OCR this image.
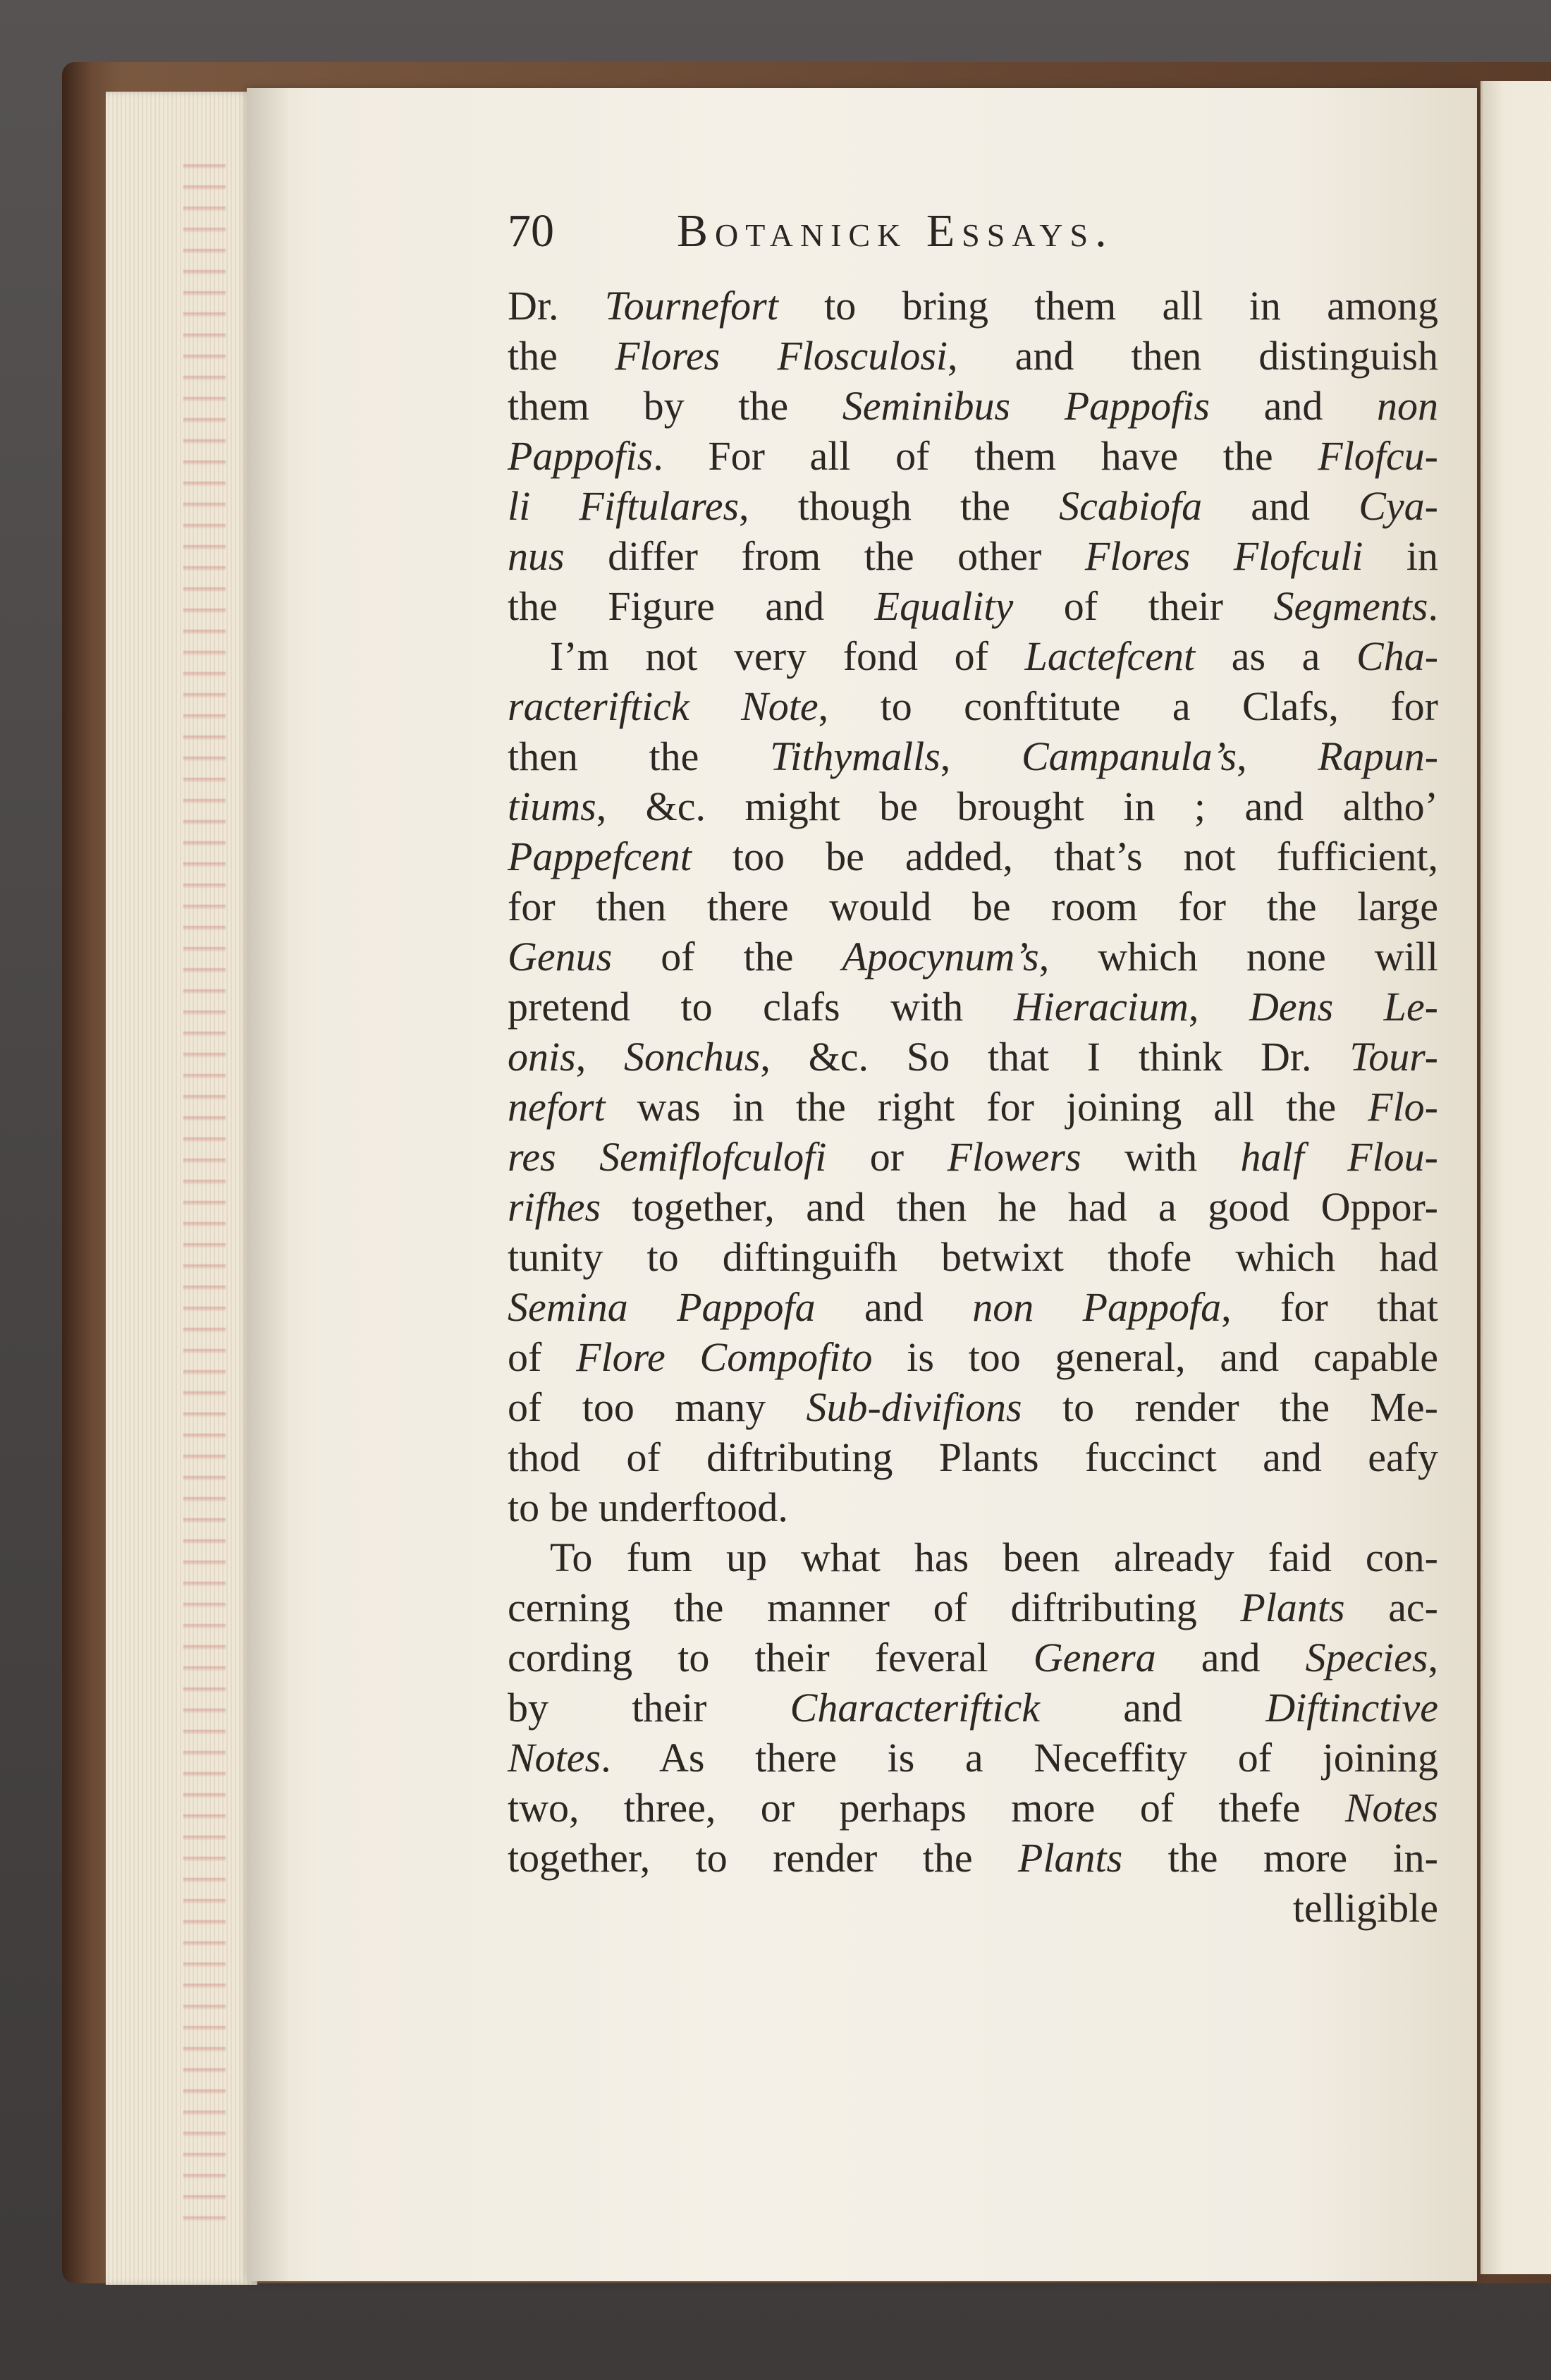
70	Botanick Essays.
Dr. Tournefort to bring them all in among
the Flores Flosculosi, and then distinguish
them by the Seminibus Pappofis and non
Pappofis. For all of them have the Flofcu-
li Fiftulares, though the Scabiofa and Cya-
nus differ from the other Flores Flofculi in
the Figure and Equality of their Segments.
I’m not very fond of Lactefcent as a Cha-
racteriftick Note, to conftitute a Clafs, for
then the Tithymalls, Campanula’s, Rapun-
tiums, &c. might be brought in ; and altho’
Pappefcent too be added, that’s not fufficient,
for then there would be room for the large
Genus of the Apocynum’s, which none will
pretend to clafs with Hieracium, Dens Le-
onis, Sonchus, &c. So that I think Dr. Tour-
nefort was in the right for joining all the Flo-
res Semiflofculofi or Flowers with half Flou-
rifhes together, and then he had a good Oppor-
tunity to diftinguifh betwixt thofe which had
Semina Pappofa and non Pappofa, for that
of Flore Compofito is too general, and capable
of too many Sub-divifions to render the Me-
thod of diftributing Plants fuccinct and eafy
to be underftood.
To fum up what has been already faid con-
cerning the manner of diftributing Plants ac-
cording to their feveral Genera and Species,
by their Characteriftick and Diftinctive
Notes. As there is a Neceffity of joining
two, three, or perhaps more of thefe Notes
together, to render the Plants the more in-
telligible
